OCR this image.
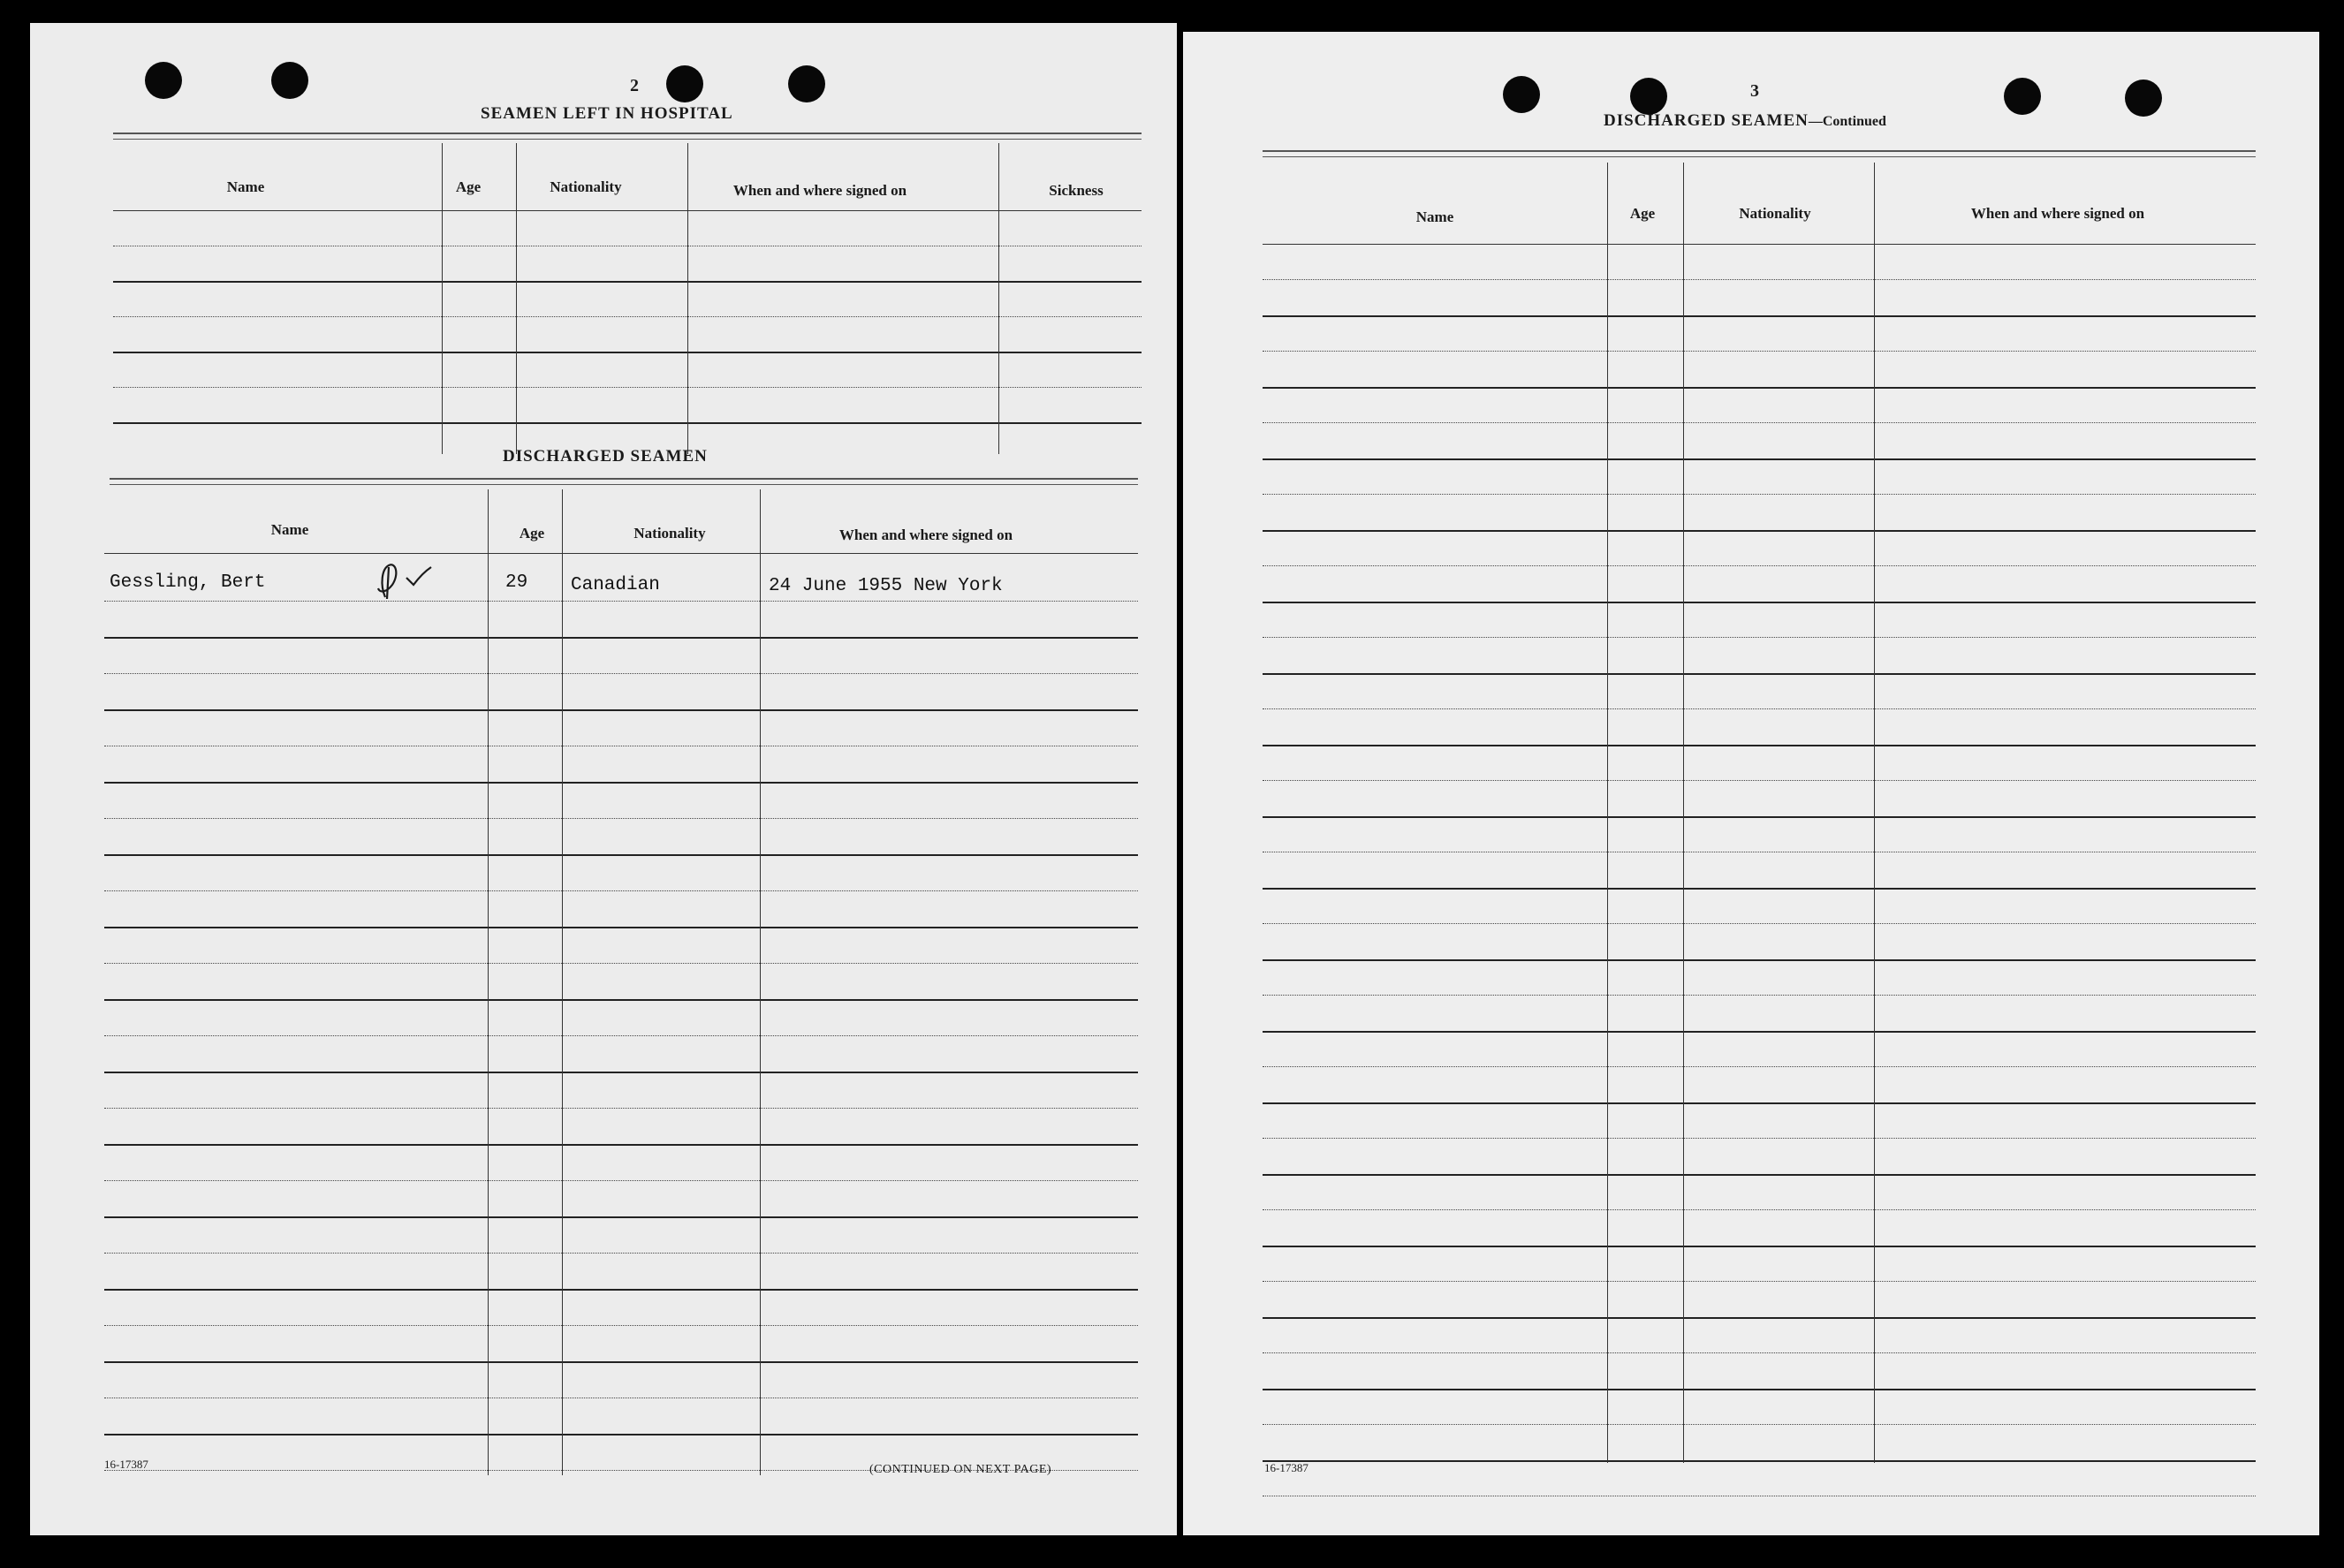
2
SEAMEN LEFT IN HOSPITAL
Name	Age	Nationality	When and where signed on	Sickness
DISCHARGED SEAMEN
Name	Age	Nationality	When and where signed on
Gessling, Bert	29	Canadian	24 June 1955 New York
16-17387	(CONTINUED ON NEXT PAGE)
3
DISCHARGED SEAMEN—Continued
Name	Age	Nationality	When and where signed on
16-17387
